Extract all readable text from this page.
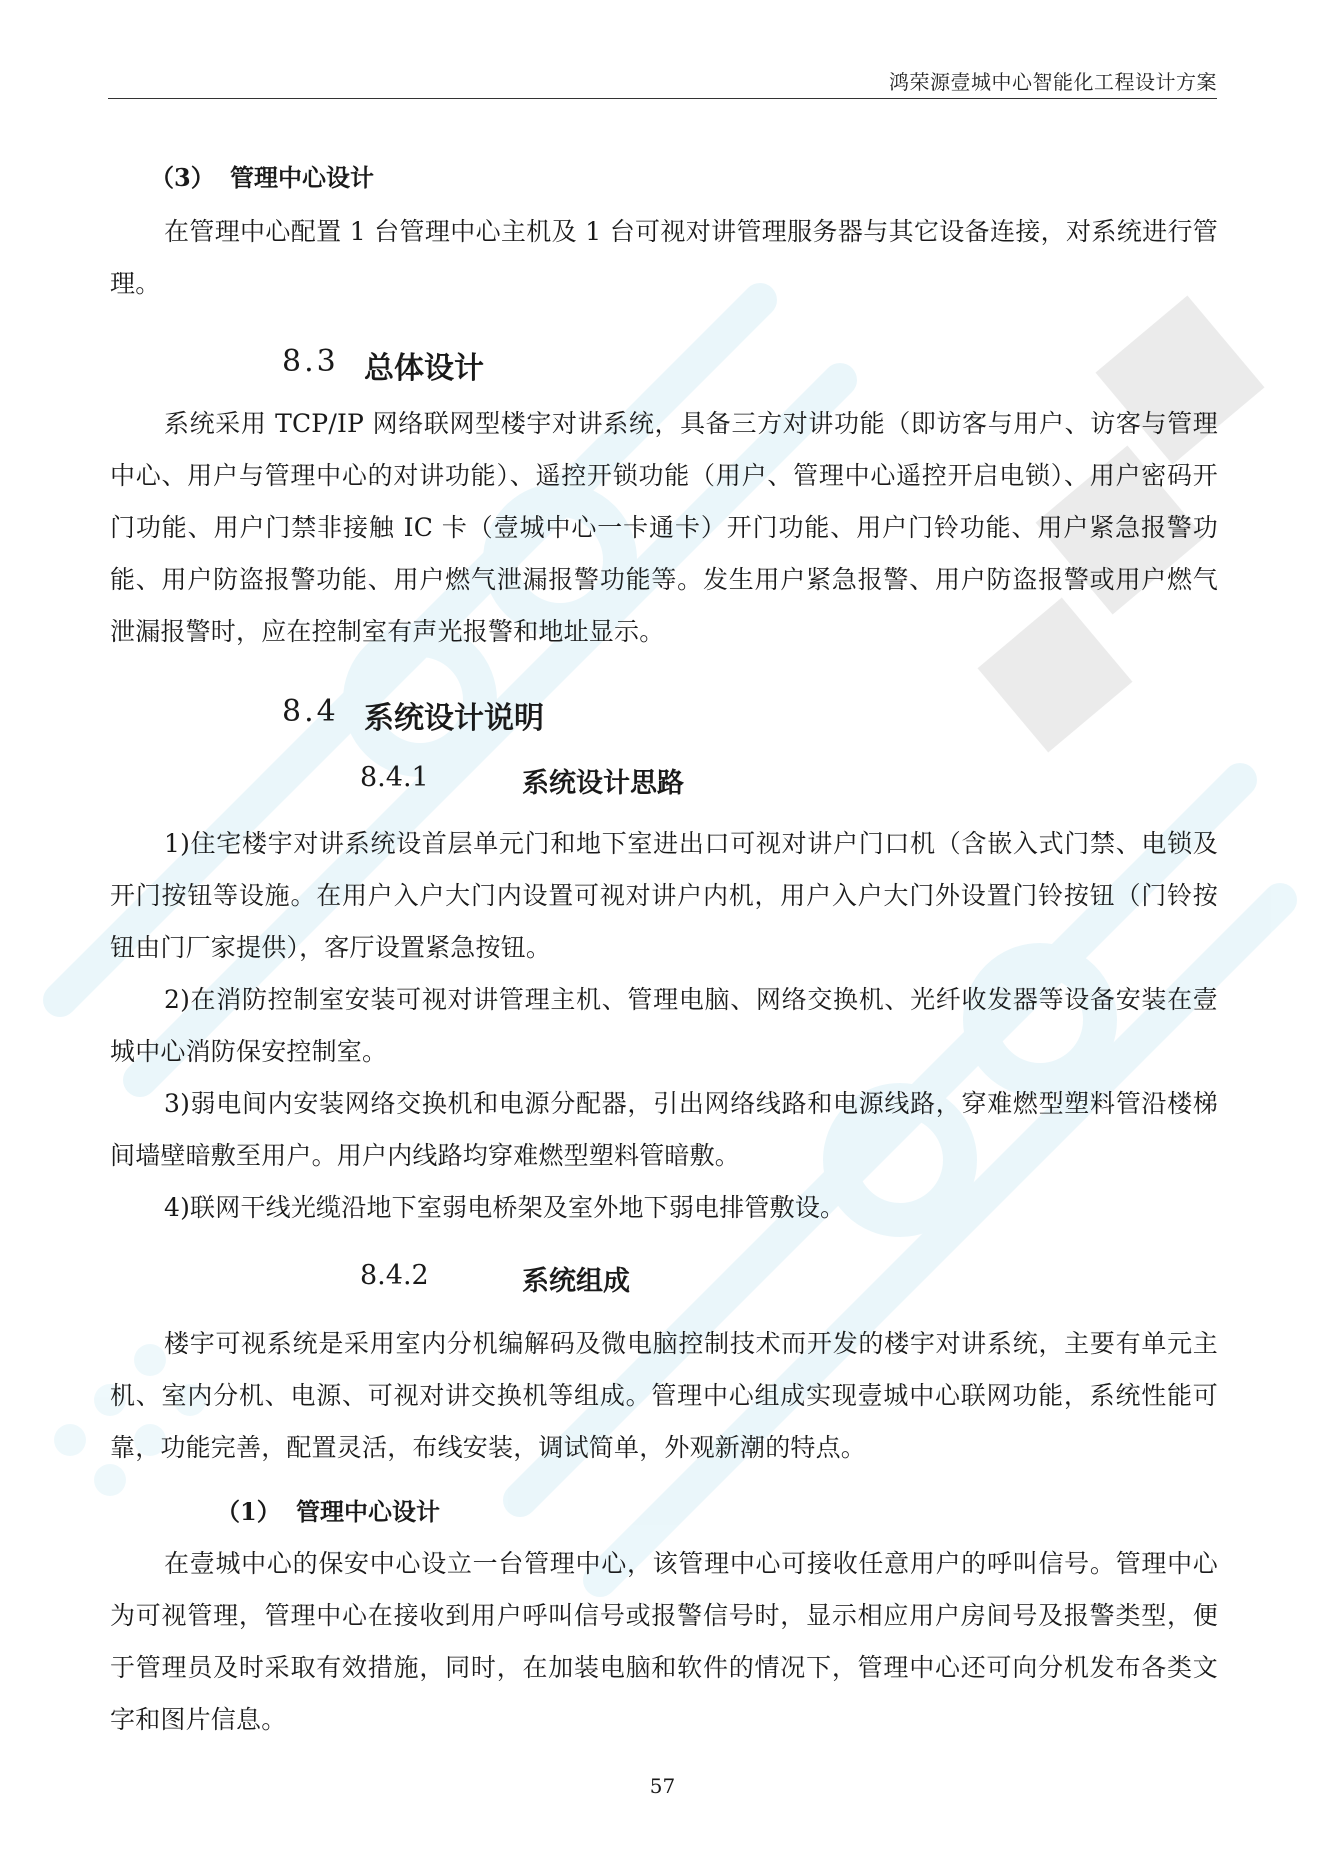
鸿荣源壹城中心智能化工程设计方案
（3） 管理中心设计

在管理中心配置 1 台管理中心主机及 1 台可视对讲管理服务器与其它设备连接，对系统进行管理。

8.3 总体设计

系统采用 TCP/IP 网络联网型楼宇对讲系统，具备三方对讲功能（即访客与用户、访客与管理中心、用户与管理中心的对讲功能）、遥控开锁功能（用户、管理中心遥控开启电锁）、用户密码开门功能、用户门禁非接触 IC 卡（壹城中心一卡通卡）开门功能、用户门铃功能、用户紧急报警功能、用户防盗报警功能、用户燃气泄漏报警功能等。发生用户紧急报警、用户防盗报警或用户燃气泄漏报警时，应在控制室有声光报警和地址显示。

8.4 系统设计说明
8.4.1	系统设计思路

1)住宅楼宇对讲系统设首层单元门和地下室进出口可视对讲户门口机（含嵌入式门禁、电锁及开门按钮等设施。在用户入户大门内设置可视对讲户内机，用户入户大门外设置门铃按钮（门铃按钮由门厂家提供），客厅设置紧急按钮。

2)在消防控制室安装可视对讲管理主机、管理电脑、网络交换机、光纤收发器等设备安装在壹城中心消防保安控制室。

3)弱电间内安装网络交换机和电源分配器，引出网络线路和电源线路，穿难燃型塑料管沿楼梯间墙壁暗敷至用户。用户内线路均穿难燃型塑料管暗敷。

4)联网干线光缆沿地下室弱电桥架及室外地下弱电排管敷设。

8.4.2	系统组成

楼宇可视系统是采用室内分机编解码及微电脑控制技术而开发的楼宇对讲系统，主要有单元主机、室内分机、电源、可视对讲交换机等组成。管理中心组成实现壹城中心联网功能，系统性能可靠，功能完善，配置灵活，布线安装，调试简单，外观新潮的特点。

（1） 管理中心设计

在壹城中心的保安中心设立一台管理中心，该管理中心可接收任意用户的呼叫信号。管理中心为可视管理，管理中心在接收到用户呼叫信号或报警信号时，显示相应用户房间号及报警类型，便于管理员及时采取有效措施，同时，在加装电脑和软件的情况下，管理中心还可向分机发布各类文字和图片信息。

57
